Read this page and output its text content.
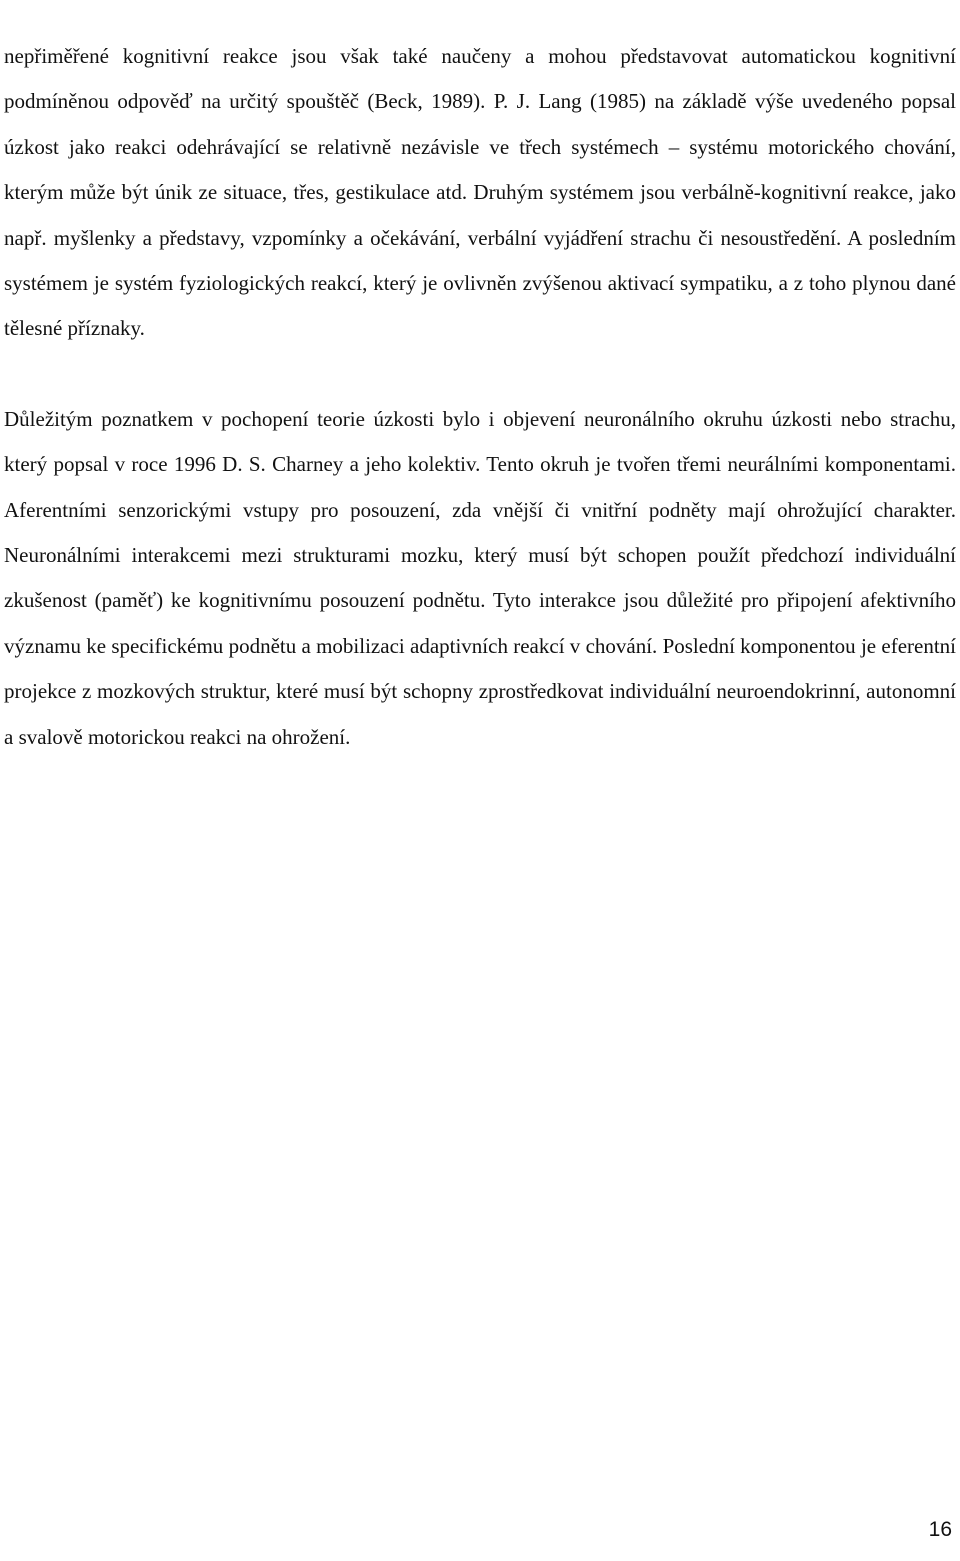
nepřiměřené kognitivní reakce jsou však také naučeny a mohou představovat automatickou kognitivní podmíněnou odpověď na určitý spouštěč (Beck, 1989). P. J. Lang (1985) na základě výše uvedeného popsal úzkost jako reakci odehrávající se relativně nezávisle ve třech systémech – systému motorického chování, kterým může být únik ze situace, třes, gestikulace atd. Druhým systémem jsou verbálně-kognitivní reakce, jako např. myšlenky a představy, vzpomínky a očekávání, verbální vyjádření strachu či nesoustředění. A posledním systémem je systém fyziologických reakcí, který je ovlivněn zvýšenou aktivací sympatiku, a z toho plynou dané tělesné příznaky.

Důležitým poznatkem v pochopení teorie úzkosti bylo i objevení neuronálního okruhu úzkosti nebo strachu, který popsal v roce 1996 D. S. Charney a jeho kolektiv. Tento okruh je tvořen třemi neurálními komponentami. Aferentními senzorickými vstupy pro posouzení, zda vnější či vnitřní podněty mají ohrožující charakter. Neuronálními interakcemi mezi strukturami mozku, který musí být schopen použít předchozí individuální zkušenost (paměť) ke kognitivnímu posouzení podnětu. Tyto interakce jsou důležité pro připojení afektivního významu ke specifickému podnětu a mobilizaci adaptivních reakcí v chování. Poslední komponentou je eferentní projekce z mozkových struktur, které musí být schopny zprostředkovat individuální neuroendokrinní, autonomní a svalově motorickou reakci na ohrožení.

16
